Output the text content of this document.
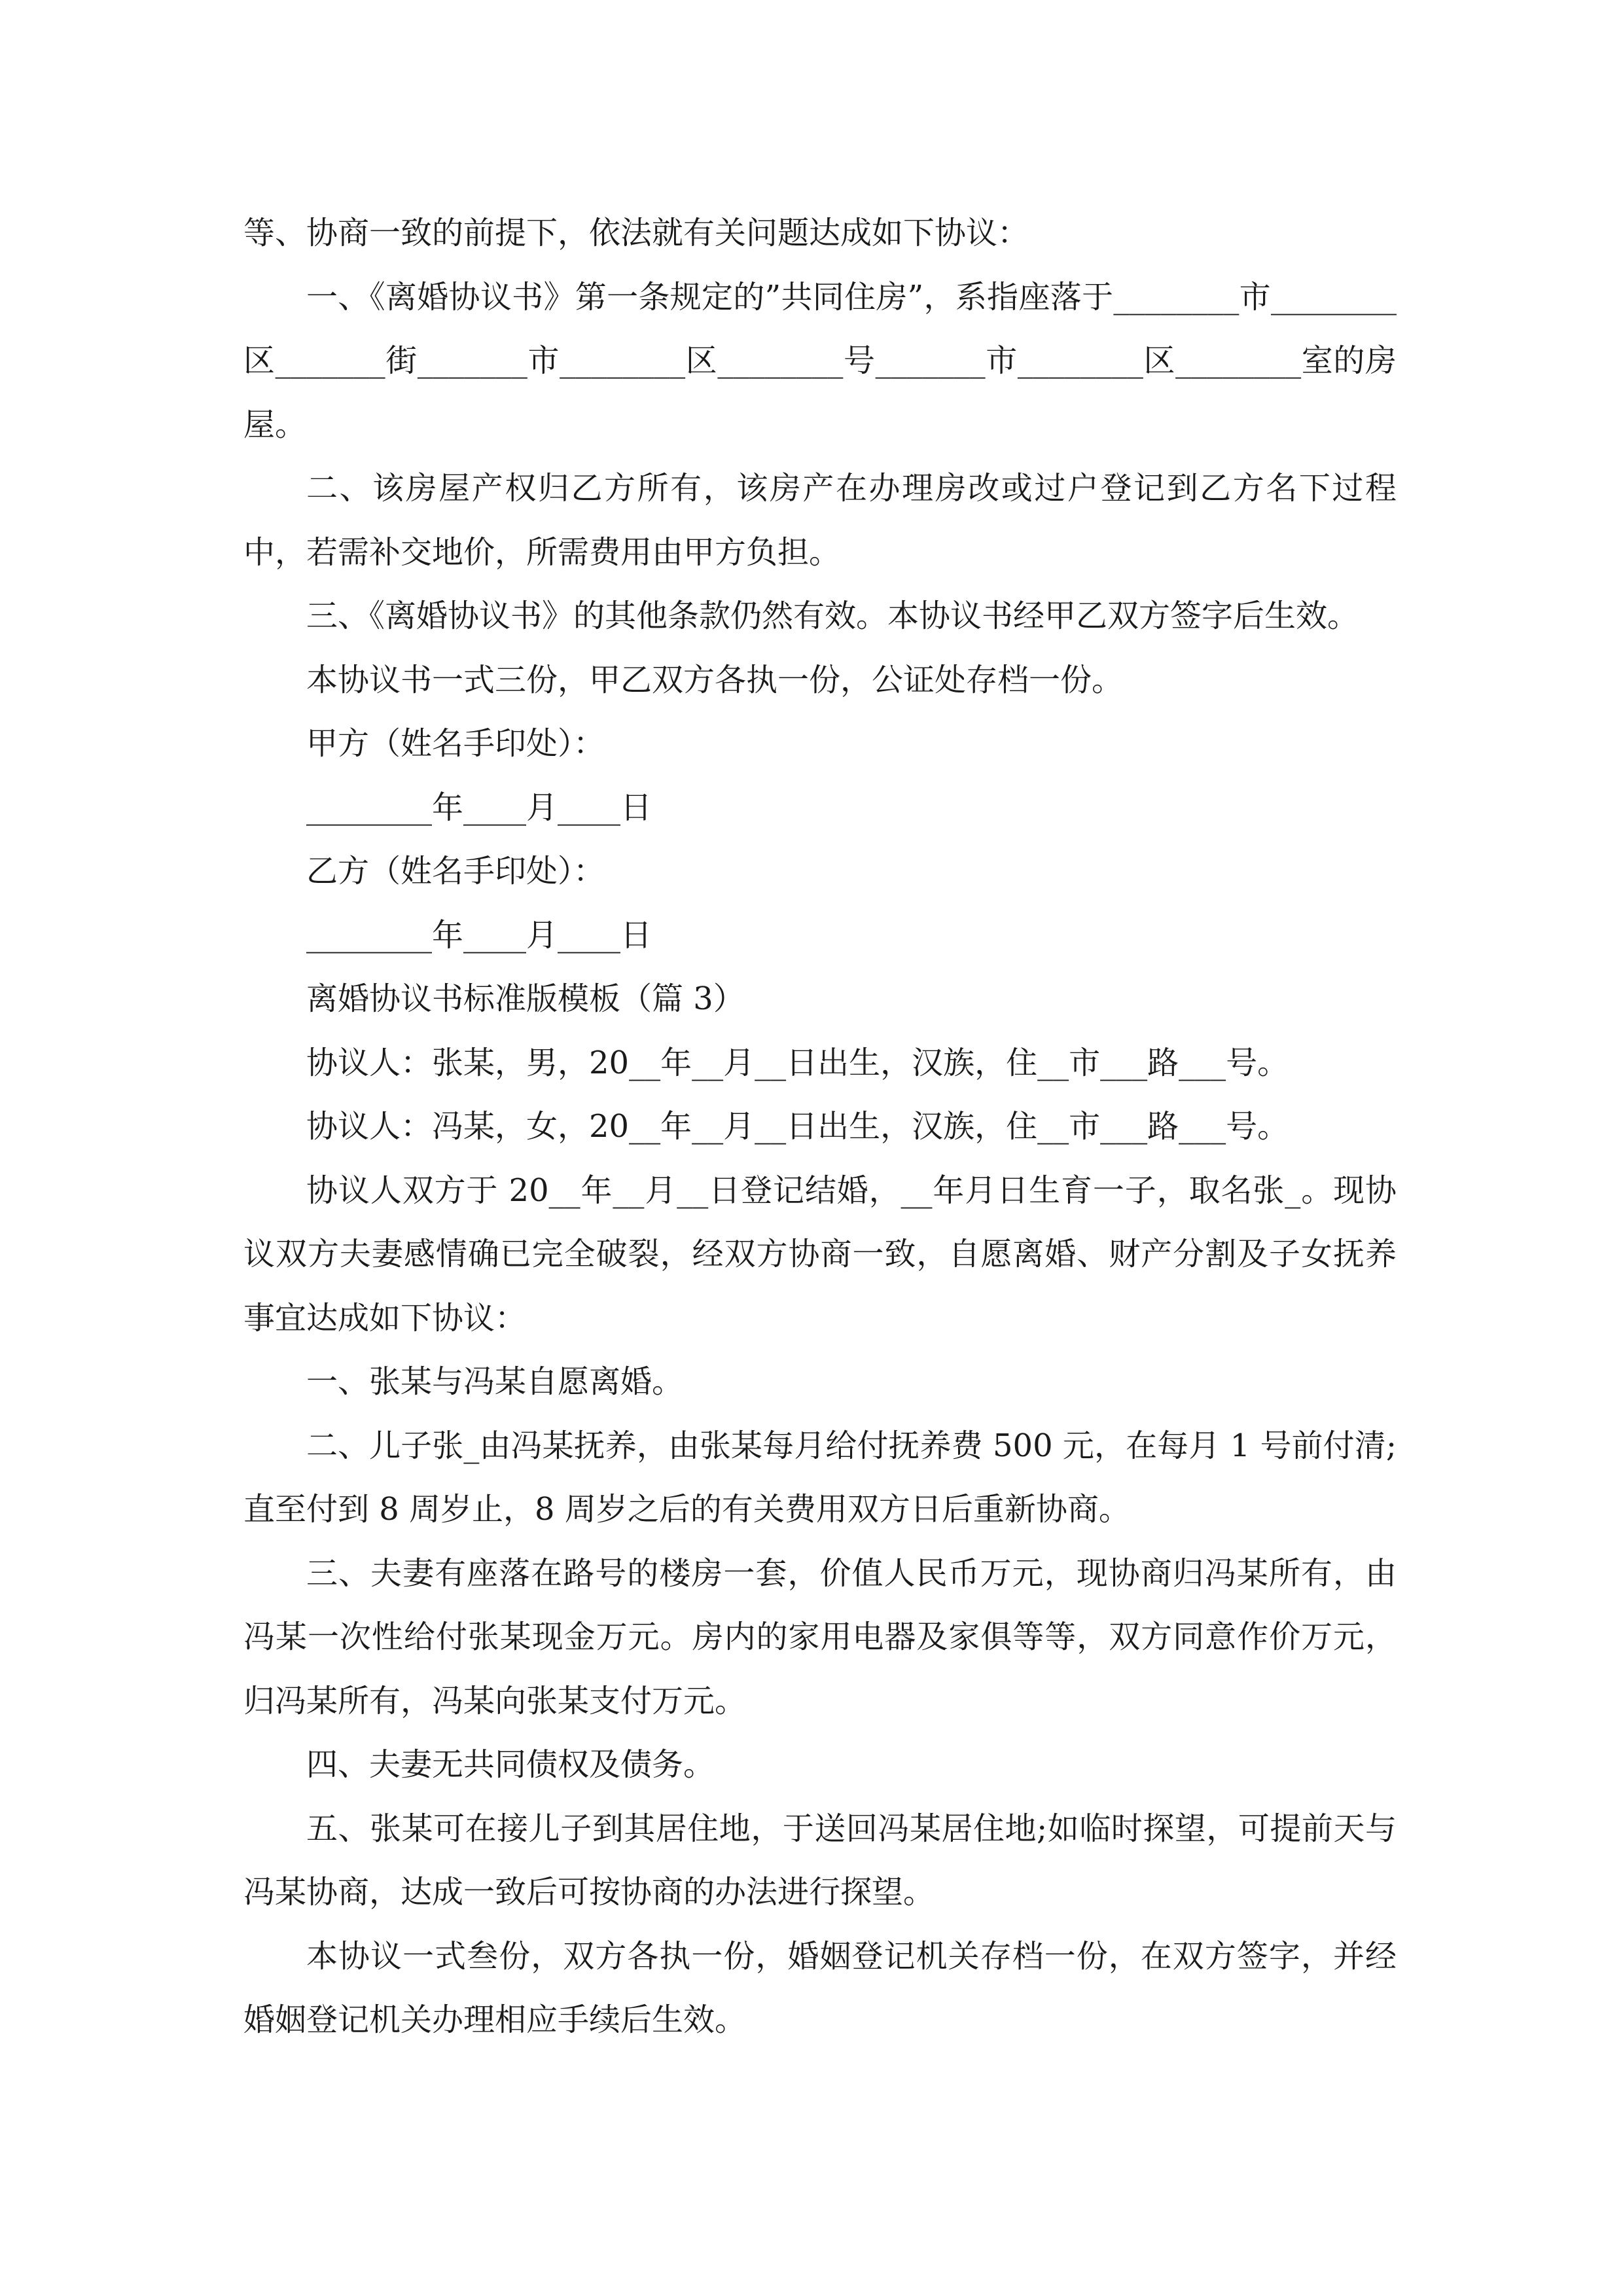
等、协商一致的前提下，依法就有关问题达成如下协议：

一、《离婚协议书》第一条规定的”共同住房”，系指座落于________市________区_______街_______市________区________号_______市________区________室的房屋。

二、该房屋产权归乙方所有，该房产在办理房改或过户登记到乙方名下过程中，若需补交地价，所需费用由甲方负担。

三、《离婚协议书》的其他条款仍然有效。本协议书经甲乙双方签字后生效。

本协议书一式三份，甲乙双方各执一份，公证处存档一份。

甲方（姓名手印处）：

________年____月____日

乙方（姓名手印处）：

________年____月____日

离婚协议书标准版模板（篇 3）

协议人：张某，男，20__年__月__日出生，汉族，住__市___路___号。

协议人：冯某，女，20__年__月__日出生，汉族，住__市___路___号。

协议人双方于 20__年__月__日登记结婚，__年月日生育一子，取名张_。现协议双方夫妻感情确已完全破裂，经双方协商一致，自愿离婚、财产分割及子女抚养事宜达成如下协议：

一、张某与冯某自愿离婚。

二、儿子张_由冯某抚养，由张某每月给付抚养费 500 元，在每月 1 号前付清;直至付到 8 周岁止，8 周岁之后的有关费用双方日后重新协商。

三、夫妻有座落在路号的楼房一套，价值人民币万元，现协商归冯某所有，由冯某一次性给付张某现金万元。房内的家用电器及家俱等等，双方同意作价万元，归冯某所有，冯某向张某支付万元。

四、夫妻无共同债权及债务。

五、张某可在接儿子到其居住地，于送回冯某居住地;如临时探望，可提前天与冯某协商，达成一致后可按协商的办法进行探望。

本协议一式叁份，双方各执一份，婚姻登记机关存档一份，在双方签字，并经婚姻登记机关办理相应手续后生效。
